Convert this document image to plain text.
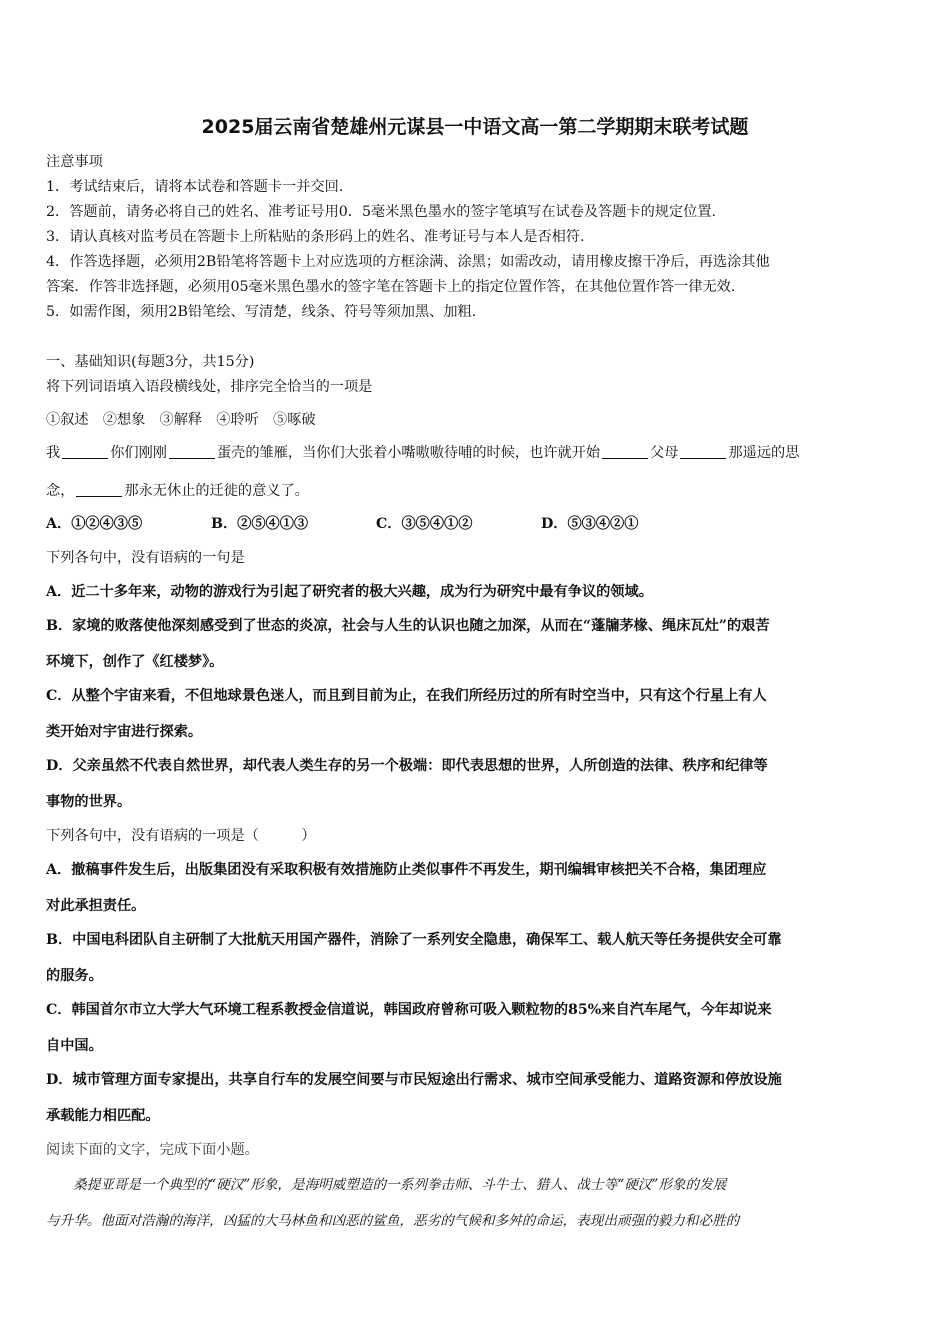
2025届云南省楚雄州元谋县一中语文高一第二学期期末联考试题
注意事项
1．考试结束后，请将本试卷和答题卡一并交回.
2．答题前，请务必将自己的姓名、准考证号用0．5毫米黑色墨水的签字笔填写在试卷及答题卡的规定位置.
3．请认真核对监考员在答题卡上所粘贴的条形码上的姓名、准考证号与本人是否相符.
4．作答选择题，必须用2B铅笔将答题卡上对应选项的方框涂满、涂黑；如需改动，请用橡皮擦干净后，再选涂其他
答案．作答非选择题，必须用05毫米黑色墨水的签字笔在答题卡上的指定位置作答，在其他位置作答一律无效.
5．如需作图，须用2B铅笔绘、写清楚，线条、符号等须加黑、加粗.
一、基础知识(每题3分，共15分)
将下列词语填入语段横线处，排序完全恰当的一项是
①叙述　②想象　③解释　④聆听　⑤啄破
我	你们刚刚	蛋壳的雏雁，当你们大张着小嘴嗷嗷待哺的时候，也许就开始	父母	那遥远的思
念，	那永无休止的迁徙的意义了。
A．①②④③⑤	B．②⑤④①③	C．③⑤④①②	D．⑤③④②①
下列各句中，没有语病的一句是
A．近二十多年来，动物的游戏行为引起了研究者的极大兴趣，成为行为研究中最有争议的领域。
B．家境的败落使他深刻感受到了世态的炎凉，社会与人生的认识也随之加深，从而在“蓬牖茅椽、绳床瓦灶”的艰苦
环境下，创作了《红楼梦》。
C．从整个宇宙来看，不但地球景色迷人，而且到目前为止，在我们所经历过的所有时空当中，只有这个行星上有人
类开始对宇宙进行探索。
D．父亲虽然不代表自然世界，却代表人类生存的另一个极端：即代表思想的世界，人所创造的法律、秩序和纪律等
事物的世界。
下列各句中，没有语病的一项是（　　　）
A．撤稿事件发生后，出版集团没有采取积极有效措施防止类似事件不再发生，期刊编辑审核把关不合格，集团理应
对此承担责任。
B．中国电科团队自主研制了大批航天用国产器件，消除了一系列安全隐患，确保军工、载人航天等任务提供安全可靠
的服务。
C．韩国首尔市立大学大气环境工程系教授金信道说，韩国政府曾称可吸入颗粒物的85%来自汽车尾气，今年却说来
自中国。
D．城市管理方面专家提出，共享自行车的发展空间要与市民短途出行需求、城市空间承受能力、道路资源和停放设施
承载能力相匹配。
阅读下面的文字，完成下面小题。
　　桑提亚哥是一个典型的“硬汉”形象，是海明威塑造的一系列拳击师、斗牛士、猎人、战士等“硬汉”形象的发展
与升华。他面对浩瀚的海洋，凶猛的大马林鱼和凶恶的鲨鱼，恶劣的气候和多舛的命运，表现出顽强的毅力和必胜的
